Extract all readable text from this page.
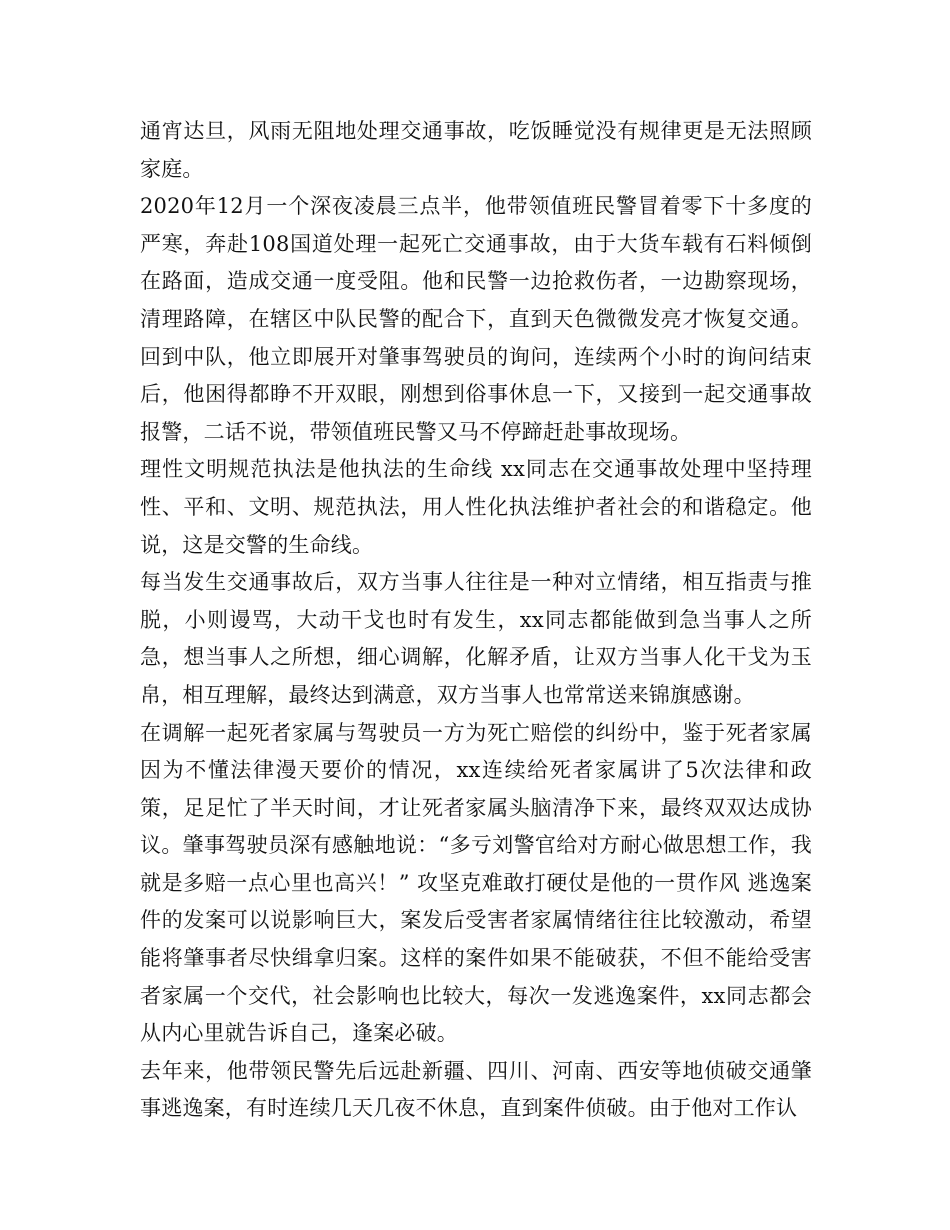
通宵达旦，风雨无阻地处理交通事故，吃饭睡觉没有规律更是无法照顾家庭。

2020年12月一个深夜凌晨三点半，他带领值班民警冒着零下十多度的严寒，奔赴108国道处理一起死亡交通事故，由于大货车载有石料倾倒在路面，造成交通一度受阻。他和民警一边抢救伤者，一边勘察现场，清理路障，在辖区中队民警的配合下，直到天色微微发亮才恢复交通。回到中队，他立即展开对肇事驾驶员的询问，连续两个小时的询问结束后，他困得都睁不开双眼，刚想到俗事休息一下，又接到一起交通事故报警，二话不说，带领值班民警又马不停蹄赶赴事故现场。

理性文明规范执法是他执法的生命线 xx同志在交通事故处理中坚持理性、平和、文明、规范执法，用人性化执法维护者社会的和谐稳定。他说，这是交警的生命线。

每当发生交通事故后，双方当事人往往是一种对立情绪，相互指责与推脱，小则谩骂，大动干戈也时有发生，xx同志都能做到急当事人之所急，想当事人之所想，细心调解，化解矛盾，让双方当事人化干戈为玉帛，相互理解，最终达到满意，双方当事人也常常送来锦旗感谢。

在调解一起死者家属与驾驶员一方为死亡赔偿的纠纷中，鉴于死者家属因为不懂法律漫天要价的情况，xx连续给死者家属讲了5次法律和政策，足足忙了半天时间，才让死者家属头脑清净下来，最终双双达成协议。肇事驾驶员深有感触地说：“多亏刘警官给对方耐心做思想工作，我就是多赔一点心里也高兴！” 攻坚克难敢打硬仗是他的一贯作风 逃逸案件的发案可以说影响巨大，案发后受害者家属情绪往往比较激动，希望能将肇事者尽快缉拿归案。这样的案件如果不能破获，不但不能给受害者家属一个交代，社会影响也比较大，每次一发逃逸案件，xx同志都会从内心里就告诉自己，逢案必破。

去年来，他带领民警先后远赴新疆、四川、河南、西安等地侦破交通肇事逃逸案，有时连续几天几夜不休息，直到案件侦破。由于他对工作认
